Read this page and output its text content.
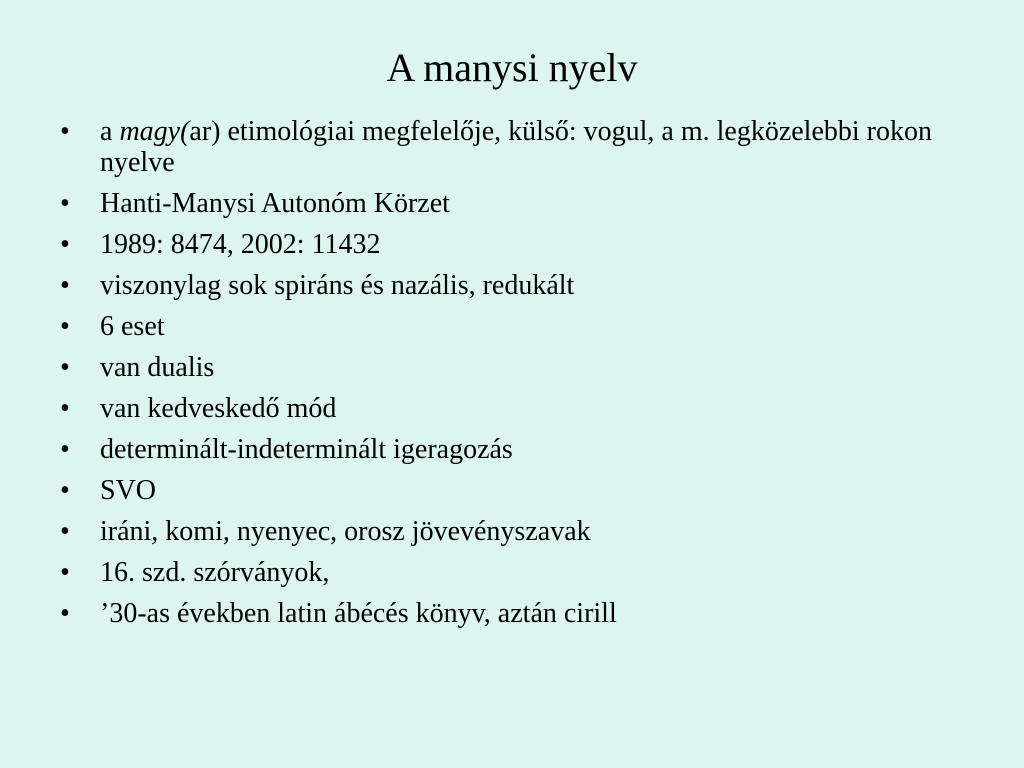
A manysi nyelv
• a magy(ar) etimológiai megfelelője, külső: vogul, a m. legközelebbi rokon nyelve
• Hanti-Manysi Autonóm Körzet
• 1989: 8474, 2002: 11432
• viszonylag sok spiráns és nazális, redukált
• 6 eset
• van dualis
• van kedveskedő mód
• determinált-indeterminált igeragozás
• SVO
• iráni, komi, nyenyec, orosz jövevényszavak
• 16. szd. szórványok,
• ’30-as években latin ábécés könyv, aztán cirill
